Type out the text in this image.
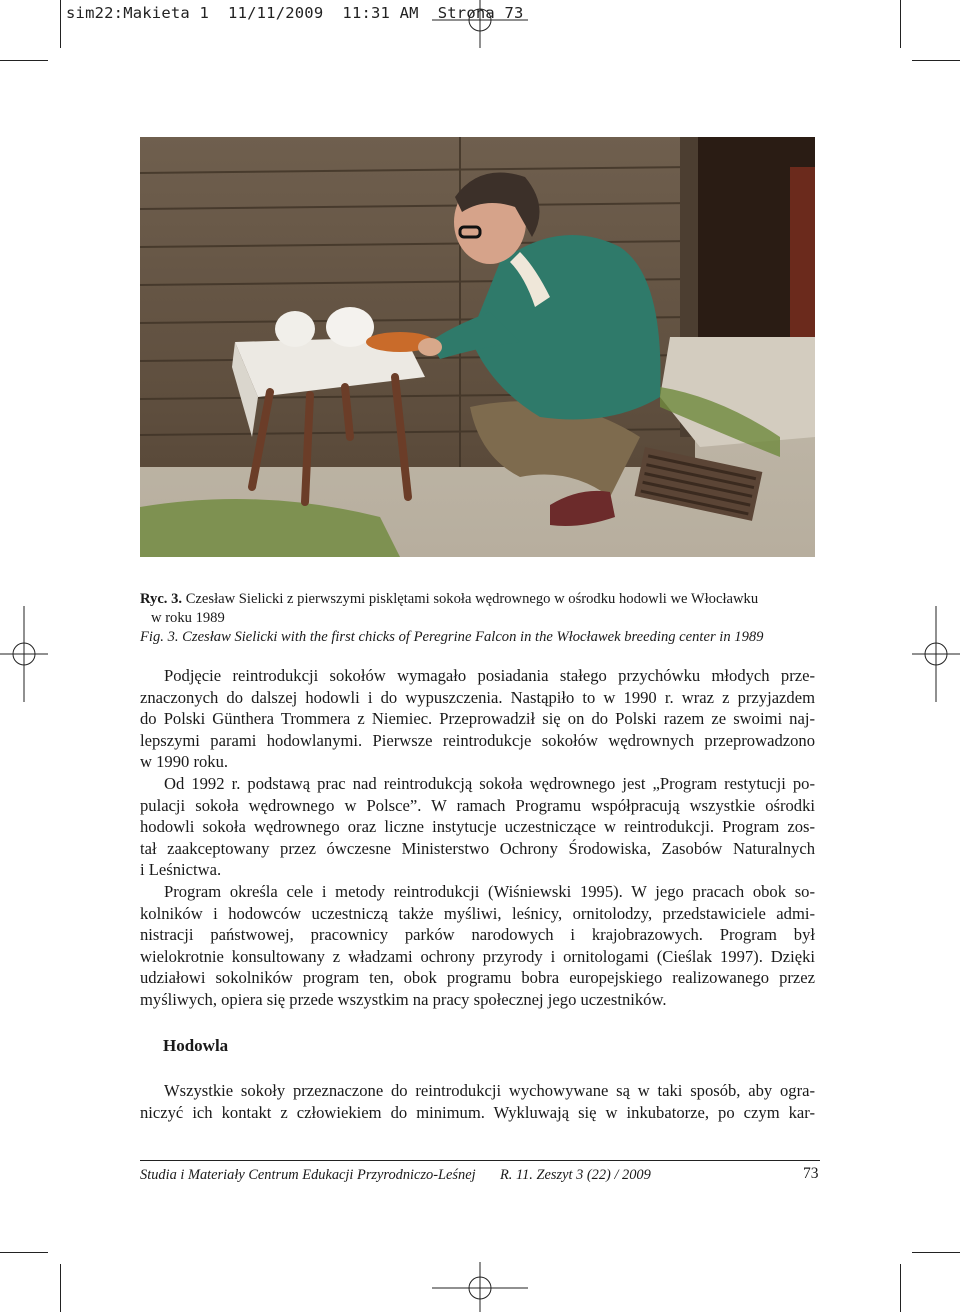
sim22:Makieta 1  11/11/2009  11:31 AM  Strona 73
Ryc. 3. Czesław Sielicki z pierwszymi pisklętami sokoła wędrownego w ośrodku hodowli we Włocławku
w roku 1989
Fig. 3. Czesław Sielicki with the first chicks of Peregrine Falcon in the Włocławek breeding center in 1989

Podjęcie reintrodukcji sokołów wymagało posiadania stałego przychówku młodych prze-
znaczonych do dalszej hodowli i do wypuszczenia. Nastąpiło to w 1990 r. wraz z przyjazdem
do Polski Günthera Trommera z Niemiec. Przeprowadził się on do Polski razem ze swoimi naj-
lepszymi parami hodowlanymi. Pierwsze reintrodukcje sokołów wędrownych przeprowadzono
w 1990 roku.

Od 1992 r. podstawą prac nad reintrodukcją sokoła wędrownego jest „Program restytucji po-
pulacji sokoła wędrownego w Polsce”. W ramach Programu współpracują wszystkie ośrodki
hodowli sokoła wędrownego oraz liczne instytucje uczestniczące w reintrodukcji. Program zos-
tał zaakceptowany przez ówczesne Ministerstwo Ochrony Środowiska, Zasobów Naturalnych
i Leśnictwa.

Program określa cele i metody reintrodukcji (Wiśniewski 1995). W jego pracach obok so-
kolników i hodowców uczestniczą także myśliwi, leśnicy, ornitolodzy, przedstawiciele admi-
nistracji państwowej, pracownicy parków narodowych i krajobrazowych. Program był
wielokrotnie konsultowany z władzami ochrony przyrody i ornitologami (Cieślak 1997). Dzięki
udziałowi sokolników program ten, obok programu bobra europejskiego realizowanego przez
myśliwych, opiera się przede wszystkim na pracy społecznej jego uczestników.

Hodowla
Wszystkie sokoły przeznaczone do reintrodukcji wychowywane są w taki sposób, aby ogra-
niczyć ich kontakt z człowiekiem do minimum. Wykluwają się w inkubatorze, po czym kar-
Studia i Materiały Centrum Edukacji Przyrodniczo-Leśnej R. 11. Zeszyt 3 (22) / 2009	73
